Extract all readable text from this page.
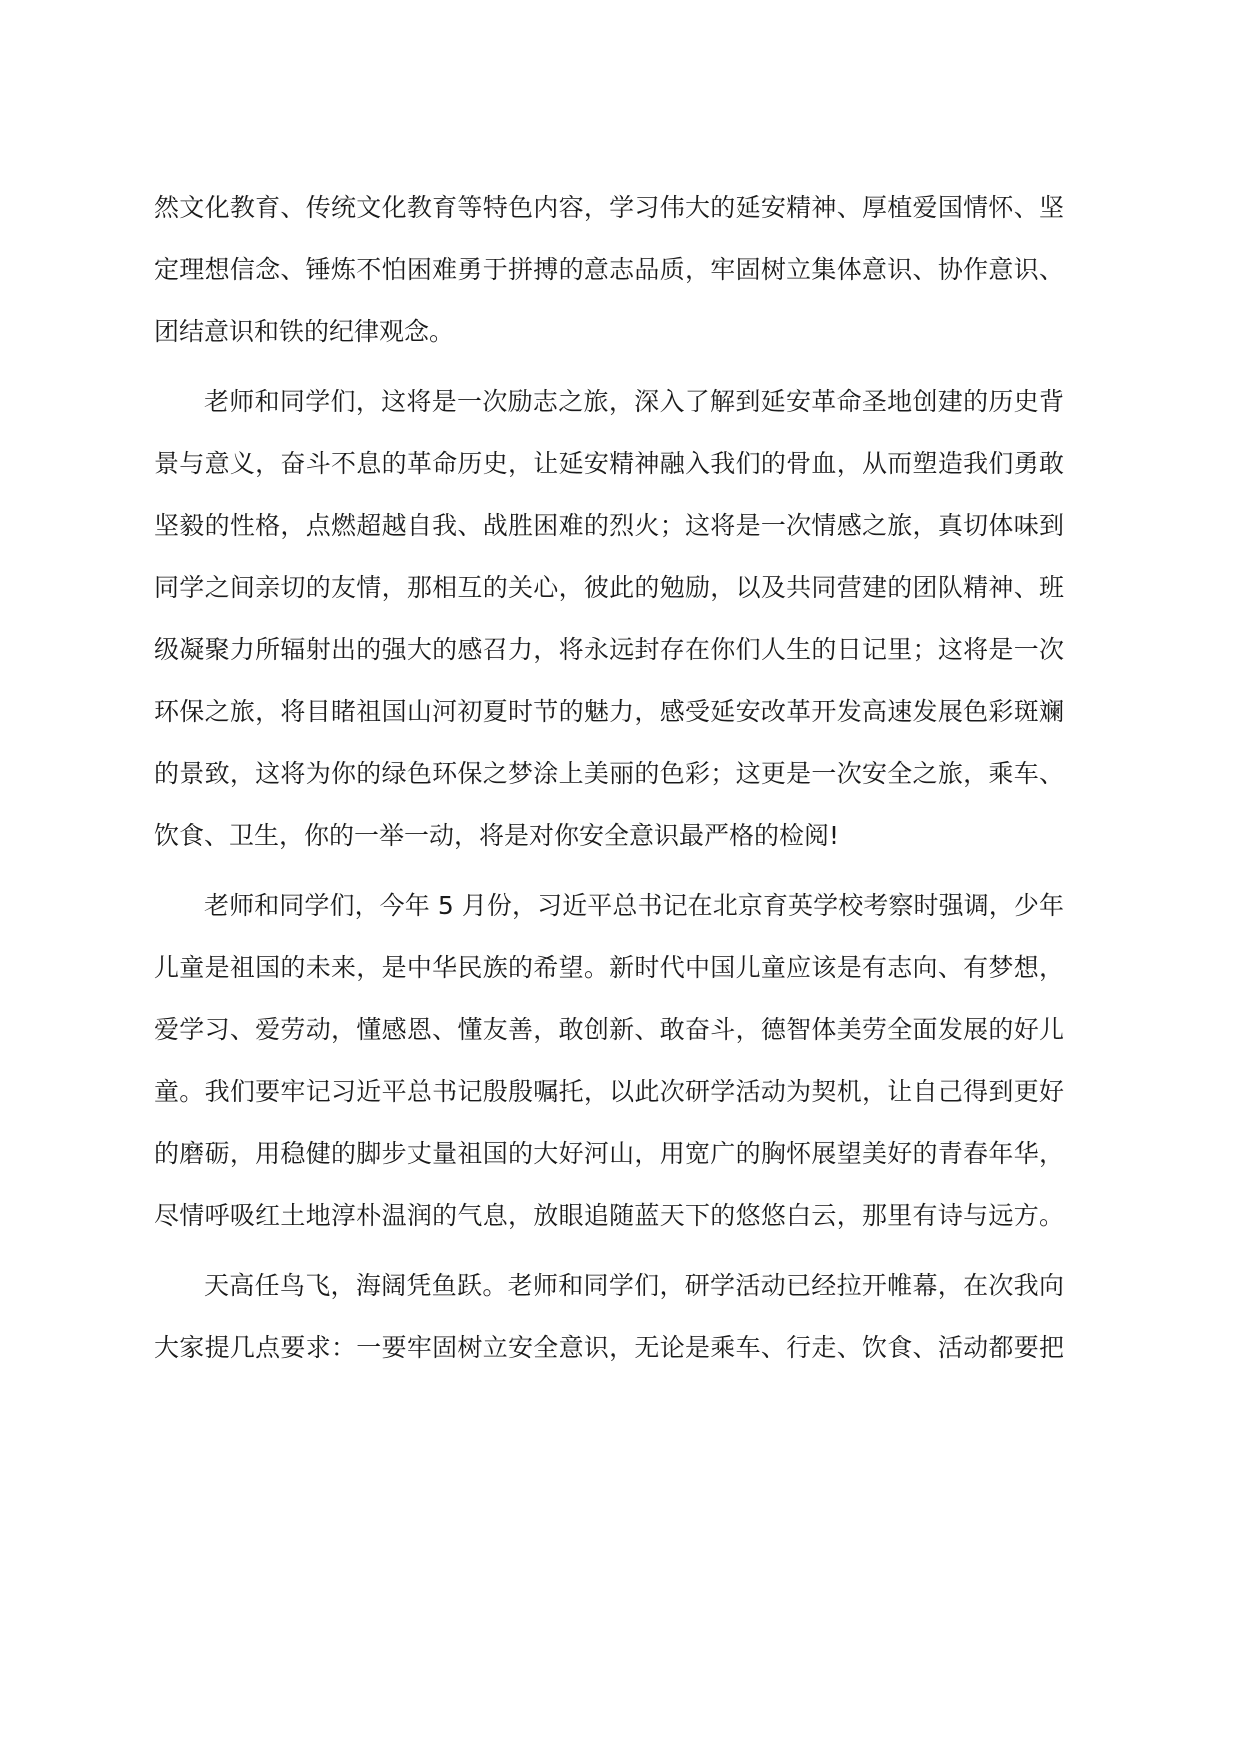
然文化教育、传统文化教育等特色内容，学习伟大的延安精神、厚植爱国情怀、坚
定理想信念、锤炼不怕困难勇于拼搏的意志品质，牢固树立集体意识、协作意识、
团结意识和铁的纪律观念。
老师和同学们，这将是一次励志之旅，深入了解到延安革命圣地创建的历史背
景与意义，奋斗不息的革命历史，让延安精神融入我们的骨血，从而塑造我们勇敢
坚毅的性格，点燃超越自我、战胜困难的烈火；这将是一次情感之旅，真切体味到
同学之间亲切的友情，那相互的关心，彼此的勉励，以及共同营建的团队精神、班
级凝聚力所辐射出的强大的感召力，将永远封存在你们人生的日记里；这将是一次
环保之旅，将目睹祖国山河初夏时节的魅力，感受延安改革开发高速发展色彩斑斓
的景致，这将为你的绿色环保之梦涂上美丽的色彩；这更是一次安全之旅，乘车、
饮食、卫生，你的一举一动，将是对你安全意识最严格的检阅!
老师和同学们，今年 5 月份，习近平总书记在北京育英学校考察时强调，少年
儿童是祖国的未来，是中华民族的希望。新时代中国儿童应该是有志向、有梦想，
爱学习、爱劳动，懂感恩、懂友善，敢创新、敢奋斗，德智体美劳全面发展的好儿
童。我们要牢记习近平总书记殷殷嘱托，以此次研学活动为契机，让自己得到更好
的磨砺，用稳健的脚步丈量祖国的大好河山，用宽广的胸怀展望美好的青春年华，
尽情呼吸红土地淳朴温润的气息，放眼追随蓝天下的悠悠白云，那里有诗与远方。
天高任鸟飞，海阔凭鱼跃。老师和同学们，研学活动已经拉开帷幕，在次我向
大家提几点要求：一要牢固树立安全意识，无论是乘车、行走、饮食、活动都要把
